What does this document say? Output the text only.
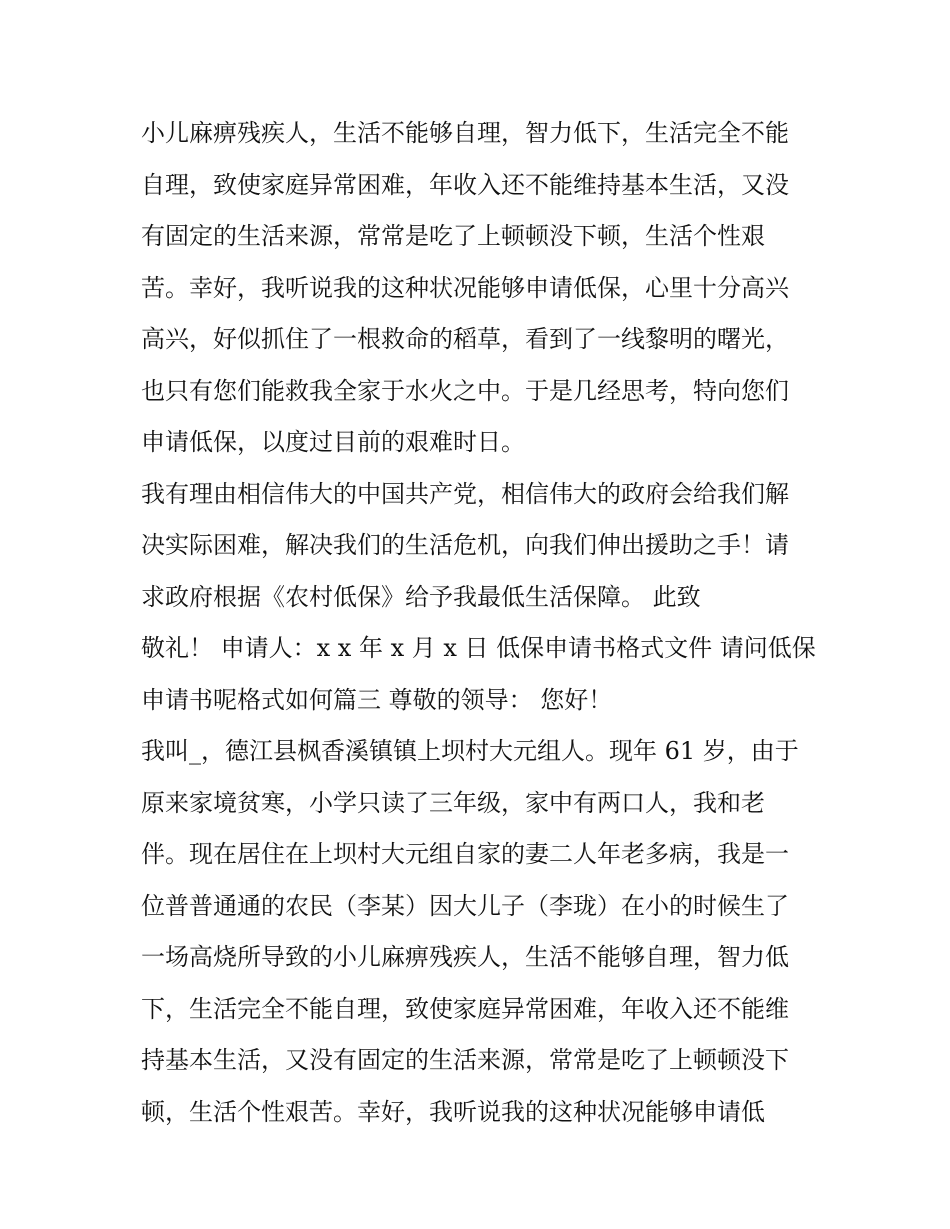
小儿麻痹残疾人，生活不能够自理，智力低下，生活完全不能
自理，致使家庭异常困难，年收入还不能维持基本生活，又没
有固定的生活来源，常常是吃了上顿顿没下顿，生活个性艰
苦。幸好，我听说我的这种状况能够申请低保，心里十分高兴
高兴，好似抓住了一根救命的稻草，看到了一线黎明的曙光，
也只有您们能救我全家于水火之中。于是几经思考，特向您们
申请低保，以度过目前的艰难时日。
我有理由相信伟大的中国共产党，相信伟大的政府会给我们解
决实际困难，解决我们的生活危机，向我们伸出援助之手！请
求政府根据《农村低保》给予我最低生活保障。 此致
敬礼！ 申请人：x x 年 x 月 x 日 低保申请书格式文件 请问低保
申请书呢格式如何篇三 尊敬的领导： 您好！
我叫_，德江县枫香溪镇镇上坝村大元组人。现年 61 岁，由于
原来家境贫寒，小学只读了三年级，家中有两口人，我和老
伴。现在居住在上坝村大元组自家的妻二人年老多病，我是一
位普普通通的农民（李某）因大儿子（李珑）在小的时候生了
一场高烧所导致的小儿麻痹残疾人，生活不能够自理，智力低
下，生活完全不能自理，致使家庭异常困难，年收入还不能维
持基本生活，又没有固定的生活来源，常常是吃了上顿顿没下
顿，生活个性艰苦。幸好，我听说我的这种状况能够申请低
